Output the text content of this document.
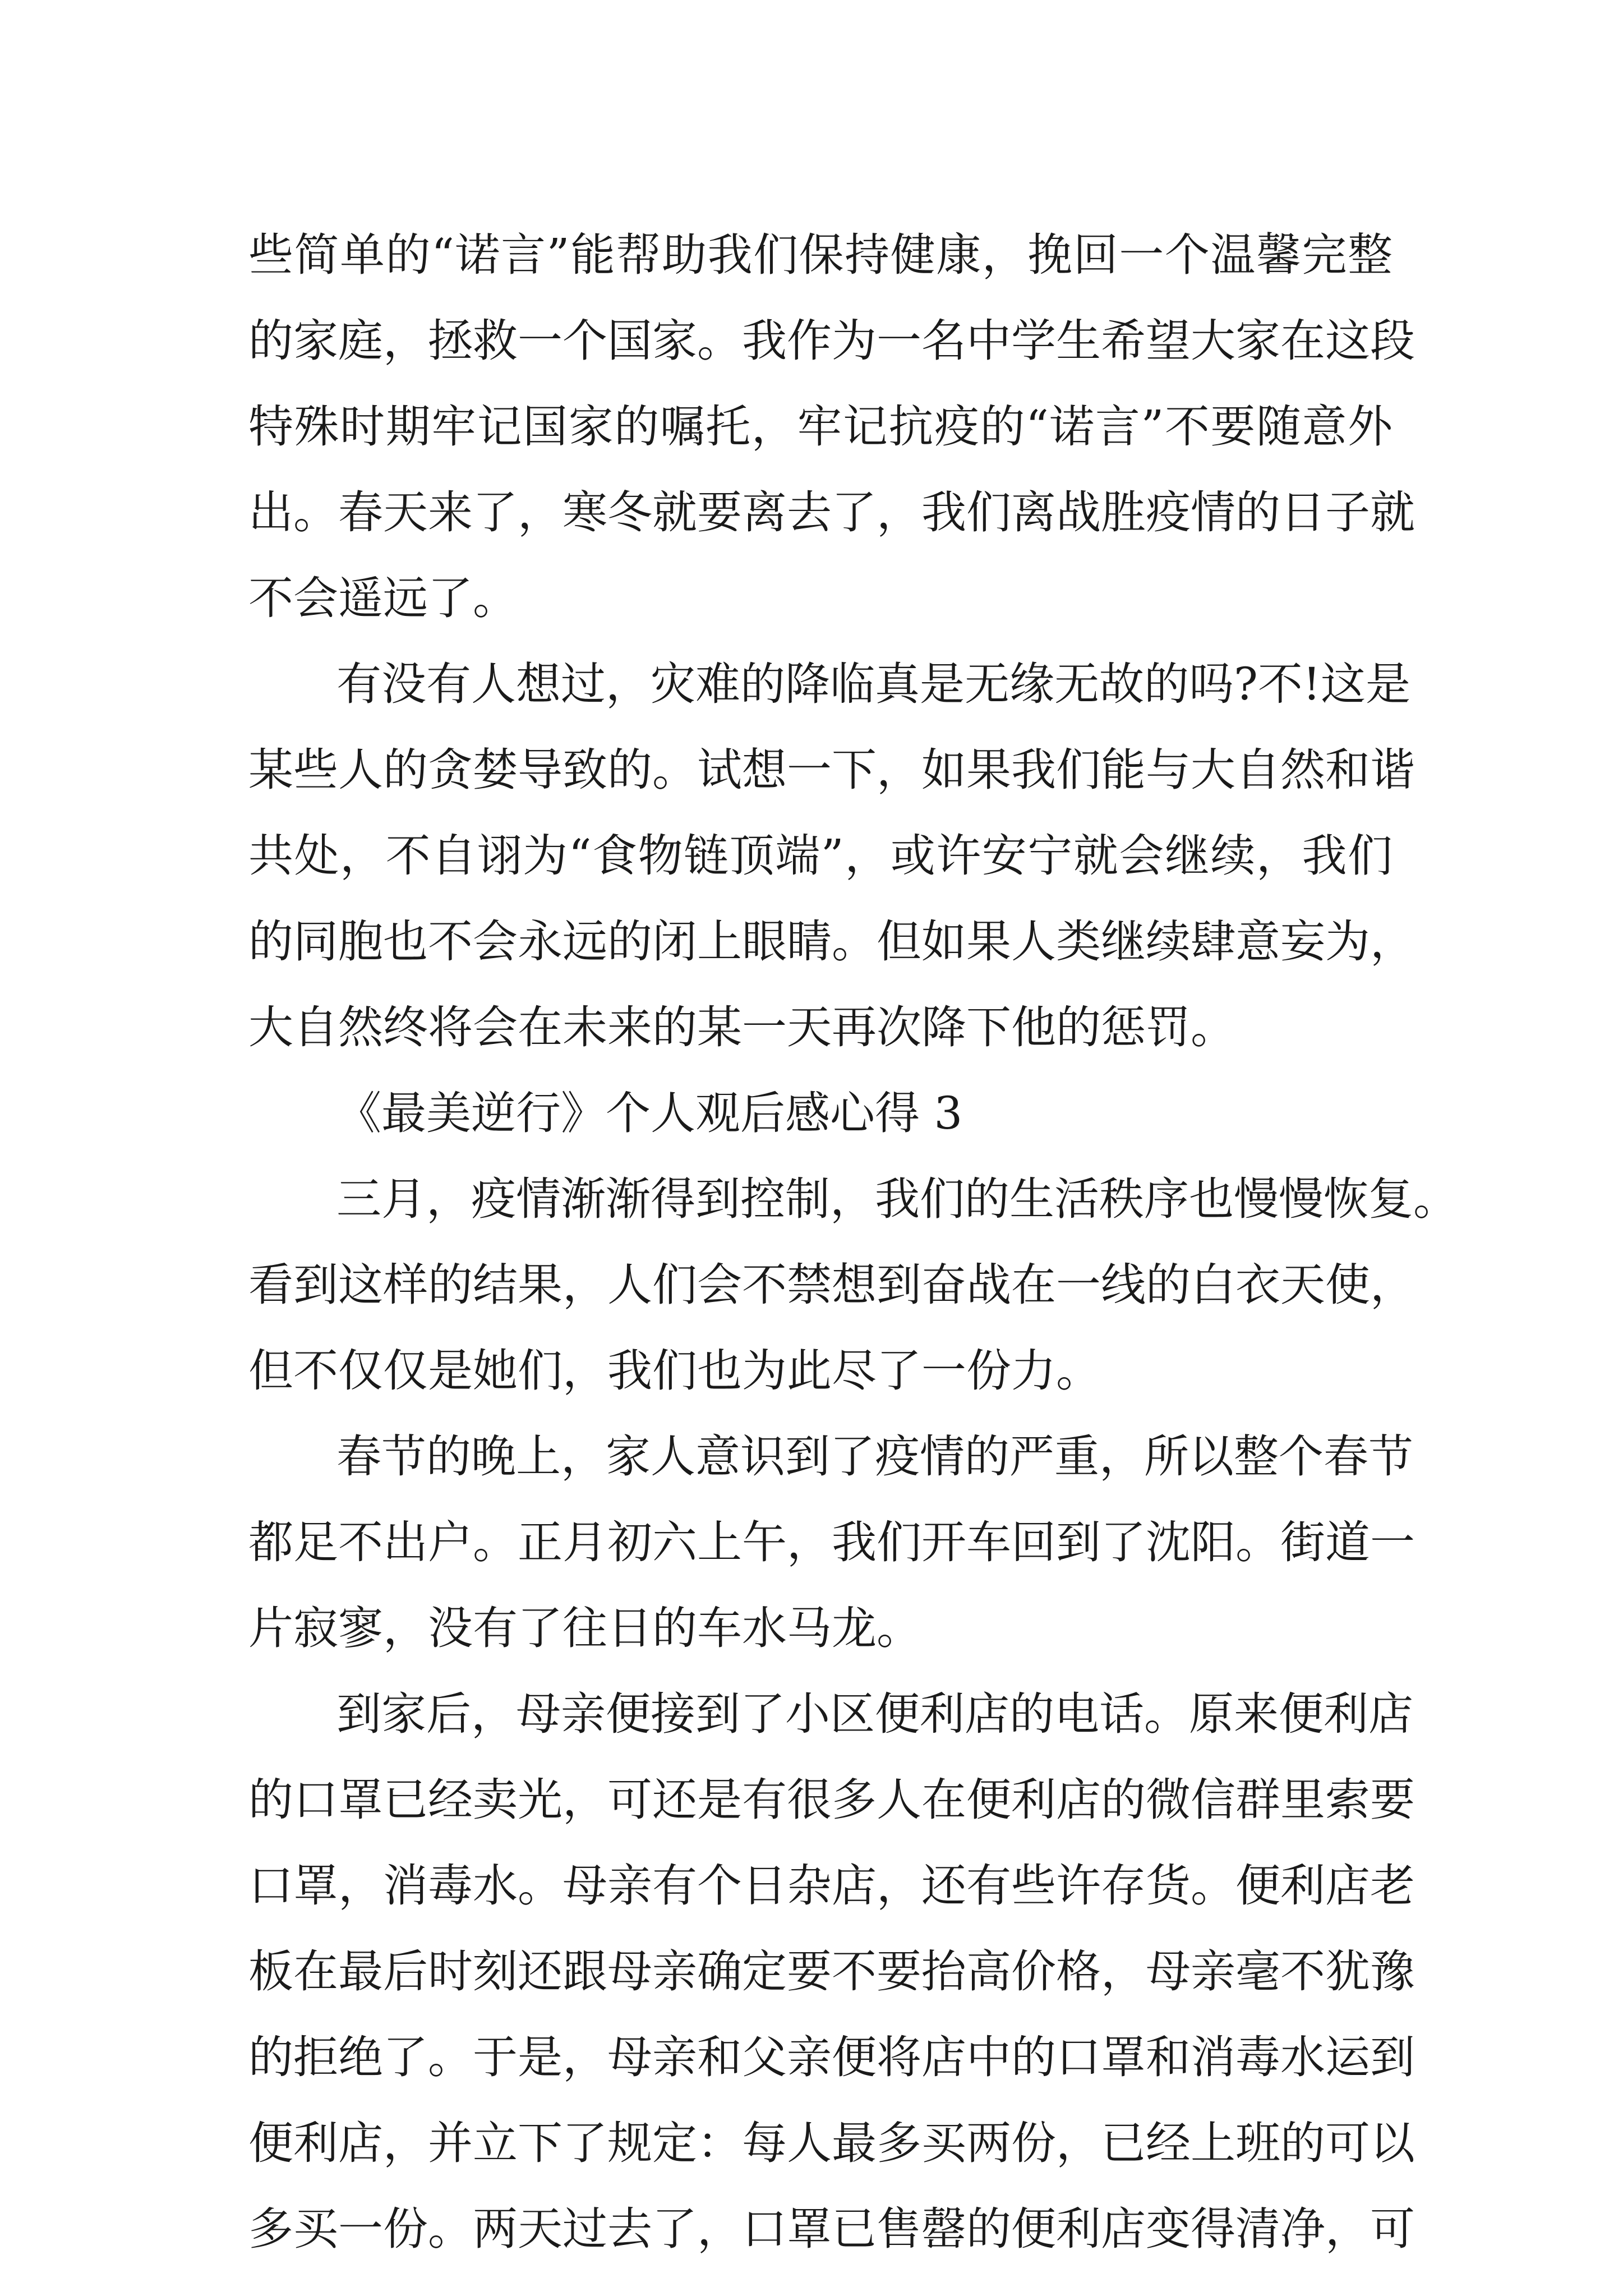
些简单的“诺言”能帮助我们保持健康，挽回一个温馨完整
的家庭，拯救一个国家。我作为一名中学生希望大家在这段
特殊时期牢记国家的嘱托，牢记抗疫的“诺言”不要随意外
出。春天来了，寒冬就要离去了，我们离战胜疫情的日子就
不会遥远了。
有没有人想过，灾难的降临真是无缘无故的吗?不!这是
某些人的贪婪导致的。试想一下，如果我们能与大自然和谐
共处，不自诩为“食物链顶端”，或许安宁就会继续，我们
的同胞也不会永远的闭上眼睛。但如果人类继续肆意妄为，
大自然终将会在未来的某一天再次降下他的惩罚。
《最美逆行》个人观后感心得 3
三月，疫情渐渐得到控制，我们的生活秩序也慢慢恢复。
看到这样的结果，人们会不禁想到奋战在一线的白衣天使，
但不仅仅是她们，我们也为此尽了一份力。
春节的晚上，家人意识到了疫情的严重，所以整个春节
都足不出户。正月初六上午，我们开车回到了沈阳。街道一
片寂寥，没有了往日的车水马龙。
到家后，母亲便接到了小区便利店的电话。原来便利店
的口罩已经卖光，可还是有很多人在便利店的微信群里索要
口罩，消毒水。母亲有个日杂店，还有些许存货。便利店老
板在最后时刻还跟母亲确定要不要抬高价格，母亲毫不犹豫
的拒绝了。于是，母亲和父亲便将店中的口罩和消毒水运到
便利店，并立下了规定：每人最多买两份，已经上班的可以
多买一份。两天过去了，口罩已售罄的便利店变得清净，可
